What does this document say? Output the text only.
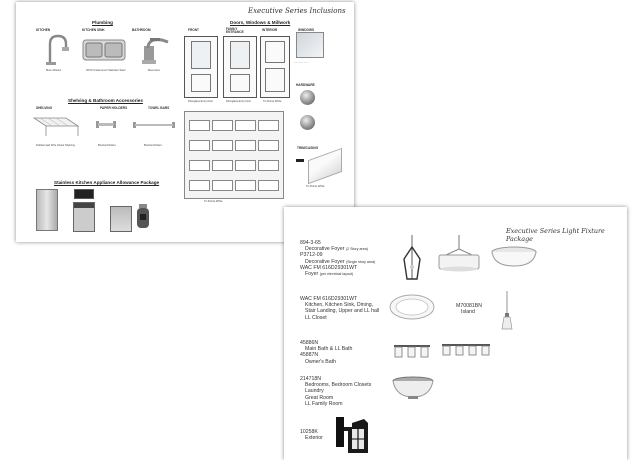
Executive Series Inclusions
Plumbing
KITCHEN	KITCHEN SINK	BATHROOM
Moen Brecks	30/70 Undermount Stainless Steel	Moen Eva
Shelving & Bathroom Accessories
SHELVING	PAPER HOLDERS	TOWEL BARS
Rubbermaid Wire Closet Shelving	Brushed Nickel	Brushed Nickel
Stainless Kitchen Appliance Allowance Package
Doors, Windows & Millwork
FRONT	FAMILY ENTRANCE
INTERIOR	WINDOWS
Fiberglass Entry Door	Fiberglass Entry Door	Tri-Pointe White
—— —— ——
HARDWARE
Tri-Pointe White
TRIM/CASING
Tri-Pointe White
Executive Series Light Fixture Package
894-3-65
Decorative Foyer (2 Story area)
P3712-09
Decorative Foyer (Single story area)
WAC FM 616D29301WT
Foyer (per electrical layout)
WAC FM 616D29301WT
Kitchen, Kitchen Sink, Dining,
Stair Landing, Upper and LL hall
LL Closet
M70081BN
Island
45886N
Main Bath & LL Bath
45887N
Owner's Bath
214718N
Bedrooms, Bedroom Closets
Laundry
Great Room
LL Family Room
10258K
Exterior
